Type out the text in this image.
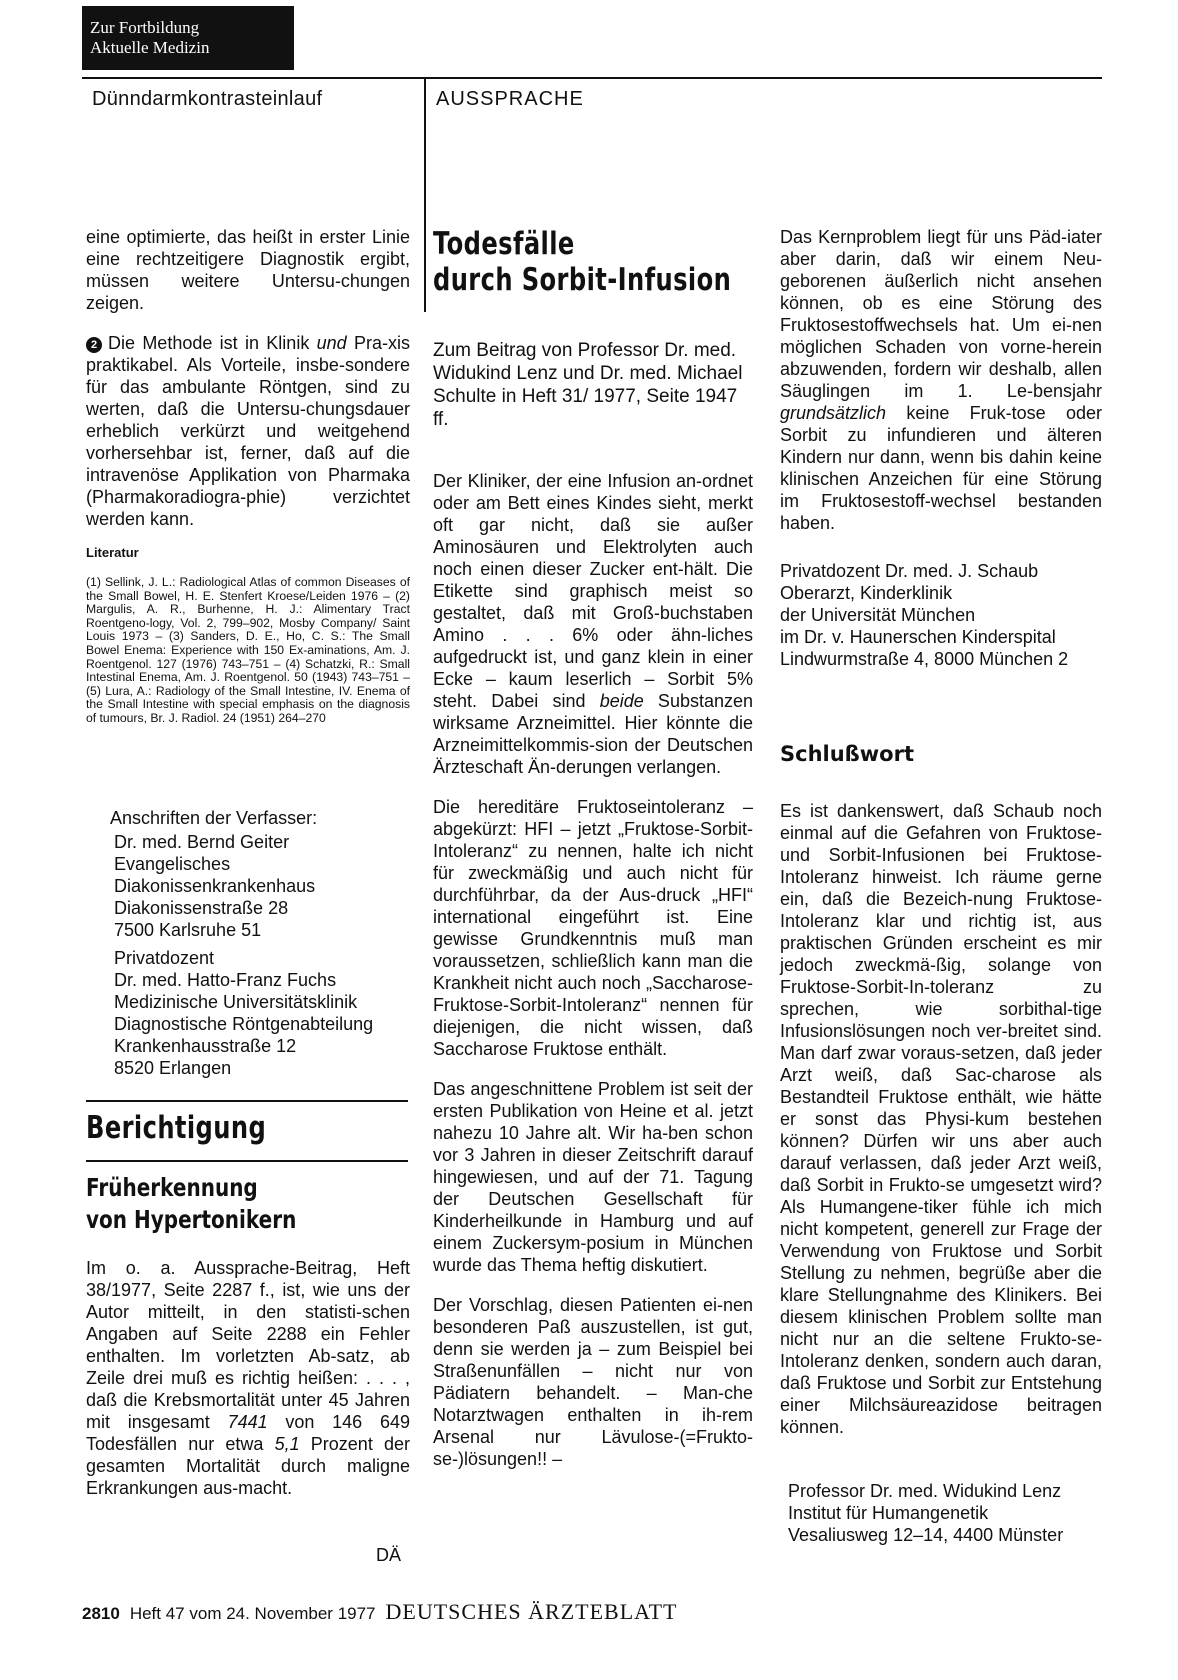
Zur Fortbildung
Aktuelle Medizin
Dünndarmkontrasteinlauf	AUSSPRACHE

eine optimierte, das heißt in erster Linie eine rechtzeitigere Diagnostik ergibt, müssen weitere Untersu-chungen zeigen.

2 Die Methode ist in Klinik und Pra-xis praktikabel. Als Vorteile, insbe-sondere für das ambulante Röntgen, sind zu werten, daß die Untersu-chungsdauer erheblich verkürzt und weitgehend vorhersehbar ist, ferner, daß auf die intravenöse Applikation von Pharmaka (Pharmakoradiogra-phie) verzichtet werden kann.

Literatur

(1) Sellink, J. L.: Radiological Atlas of common Diseases of the Small Bowel, H. E. Stenfert Kroese/Leiden 1976 – (2) Margulis, A. R., Burhenne, H. J.: Alimentary Tract Roentgeno-logy, Vol. 2, 799–902, Mosby Company/ Saint Louis 1973 – (3) Sanders, D. E., Ho, C. S.: The Small Bowel Enema: Experience with 150 Ex-aminations, Am. J. Roentgenol. 127 (1976) 743–751 – (4) Schatzki, R.: Small Intestinal Enema, Am. J. Roentgenol. 50 (1943) 743–751 – (5) Lura, A.: Radiology of the Small Intestine, IV. Enema of the Small Intestine with special emphasis on the diagnosis of tumours, Br. J. Radiol. 24 (1951) 264–270

Anschriften der Verfasser:
Dr. med. Bernd Geiter
Evangelisches
Diakonissenkrankenhaus
Diakonissenstraße 28
7500 Karlsruhe 51
Privatdozent
Dr. med. Hatto-Franz Fuchs
Medizinische Universitätsklinik
Diagnostische Röntgenabteilung
Krankenhausstraße 12
8520 Erlangen
Berichtigung
Früherkennung
von Hypertonikern

Im o. a. Aussprache-Beitrag, Heft 38/1977, Seite 2287 f., ist, wie uns der Autor mitteilt, in den statisti-schen Angaben auf Seite 2288 ein Fehler enthalten. Im vorletzten Ab-satz, ab Zeile drei muß es richtig heißen: . . . , daß die Krebsmortalität unter 45 Jahren mit insgesamt 7441 von 146 649 Todesfällen nur etwa 5,1 Prozent der gesamten Mortalität durch maligne Erkrankungen aus-macht.

DÄ
Todesfälle
durch Sorbit-Infusion
Zum Beitrag von Professor Dr. med. Widukind Lenz und Dr. med. Michael Schulte in Heft 31/ 1977, Seite 1947 ff.

Der Kliniker, der eine Infusion an-ordnet oder am Bett eines Kindes sieht, merkt oft gar nicht, daß sie außer Aminosäuren und Elektrolyten auch noch einen dieser Zucker ent-hält. Die Etikette sind graphisch meist so gestaltet, daß mit Groß-buchstaben Amino . . . 6% oder ähn-liches aufgedruckt ist, und ganz klein in einer Ecke – kaum leserlich – Sorbit 5% steht. Dabei sind beide Substanzen wirksame Arzneimittel. Hier könnte die Arzneimittelkommis-sion der Deutschen Ärzteschaft Än-derungen verlangen.

Die hereditäre Fruktoseintoleranz – abgekürzt: HFI – jetzt „Fruktose-Sorbit-Intoleranz“ zu nennen, halte ich nicht für zweckmäßig und auch nicht für durchführbar, da der Aus-druck „HFI“ international eingeführt ist. Eine gewisse Grundkenntnis muß man voraussetzen, schließlich kann man die Krankheit nicht auch noch „Saccharose-Fruktose-Sorbit-Intoleranz“ nennen für diejenigen, die nicht wissen, daß Saccharose Fruktose enthält.

Das angeschnittene Problem ist seit der ersten Publikation von Heine et al. jetzt nahezu 10 Jahre alt. Wir ha-ben schon vor 3 Jahren in dieser Zeitschrift darauf hingewiesen, und auf der 71. Tagung der Deutschen Gesellschaft für Kinderheilkunde in Hamburg und auf einem Zuckersym-posium in München wurde das Thema heftig diskutiert.

Der Vorschlag, diesen Patienten ei-nen besonderen Paß auszustellen, ist gut, denn sie werden ja – zum Beispiel bei Straßenunfällen – nicht nur von Pädiatern behandelt. – Man-che Notarztwagen enthalten in ih-rem Arsenal nur Lävulose-(=Frukto-se-)lösungen!! –

Das Kernproblem liegt für uns Päd-iater aber darin, daß wir einem Neu-geborenen äußerlich nicht ansehen können, ob es eine Störung des Fruktosestoffwechsels hat. Um ei-nen möglichen Schaden von vorne-herein abzuwenden, fordern wir deshalb, allen Säuglingen im 1. Le-bensjahr grundsätzlich keine Fruk-tose oder Sorbit zu infundieren und älteren Kindern nur dann, wenn bis dahin keine klinischen Anzeichen für eine Störung im Fruktosestoff-wechsel bestanden haben.

Privatdozent Dr. med. J. Schaub
Oberarzt, Kinderklinik
der Universität München
im Dr. v. Haunerschen Kinderspital
Lindwurmstraße 4, 8000 München 2
Schlußwort

Es ist dankenswert, daß Schaub noch einmal auf die Gefahren von Fruktose- und Sorbit-Infusionen bei Fruktose-Intoleranz hinweist. Ich räume gerne ein, daß die Bezeich-nung Fruktose-Intoleranz klar und richtig ist, aus praktischen Gründen erscheint es mir jedoch zweckmä-ßig, solange von Fruktose-Sorbit-In-toleranz zu sprechen, wie sorbithal-tige Infusionslösungen noch ver-breitet sind. Man darf zwar voraus-setzen, daß jeder Arzt weiß, daß Sac-charose als Bestandteil Fruktose enthält, wie hätte er sonst das Physi-kum bestehen können? Dürfen wir uns aber auch darauf verlassen, daß jeder Arzt weiß, daß Sorbit in Frukto-se umgesetzt wird? Als Humangene-tiker fühle ich mich nicht kompetent, generell zur Frage der Verwendung von Fruktose und Sorbit Stellung zu nehmen, begrüße aber die klare Stellungnahme des Klinikers. Bei diesem klinischen Problem sollte man nicht nur an die seltene Frukto-se-Intoleranz denken, sondern auch daran, daß Fruktose und Sorbit zur Entstehung einer Milchsäureazidose beitragen können.

Professor Dr. med. Widukind Lenz
Institut für Humangenetik
Vesaliusweg 12–14, 4400 Münster
2810 Heft 47 vom 24. November 1977 DEUTSCHES ÄRZTEBLATT
